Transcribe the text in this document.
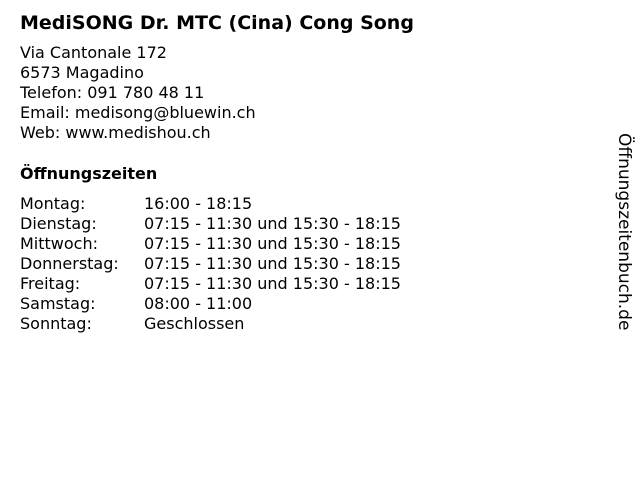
MediSONG Dr. MTC (Cina) Cong Song
Via Cantonale 172
6573 Magadino
Telefon: 091 780 48 11
Email: medisong@bluewin.ch
Web: www.medishou.ch
Öffnungszeiten
Montag:	16:00 - 18:15
Dienstag:	07:15 - 11:30 und 15:30 - 18:15
Mittwoch:	07:15 - 11:30 und 15:30 - 18:15
Donnerstag: 07:15 - 11:30 und 15:30 - 18:15
Freitag:	07:15 - 11:30 und 15:30 - 18:15
Samstag:	08:00 - 11:00
Sonntag:	Geschlossen	Öffnungszeitenbuch.de
